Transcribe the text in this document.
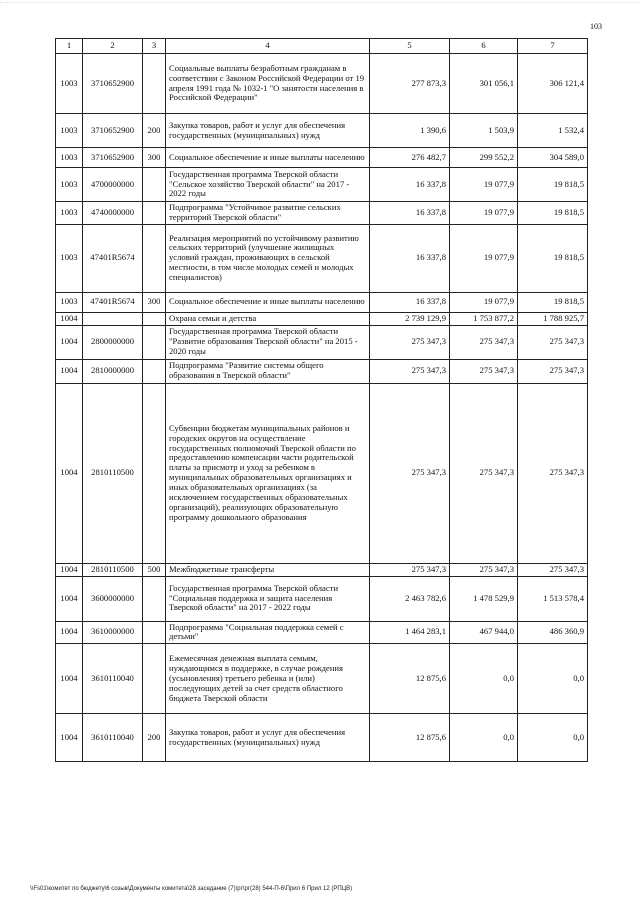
103
1	2	3	4	5	6	7
1003	3710652900		Социальные выплаты безработным гражданам в соответствии с Законом Российской Федерации от 19 апреля 1991 года № 1032-1 "О занятости населения в Российской Федерации"	277 873,3	301 056,1	306 121,4
1003	3710652900	200	Закупка товаров, работ и услуг для обеспечения государственных (муниципальных) нужд	1 390,6	1 503,9	1 532,4
1003	3710652900	300	Социальное обеспечение и иные выплаты населению	276 482,7	299 552,2	304 589,0
1003	4700000000		Государственная программа Тверской области "Сельское хозяйство Тверской области" на 2017 - 2022 годы	16 337,8	19 077,9	19 818,5
1003	4740000000		Подпрограмма "Устойчивое развитие сельских территорий Тверской области"	16 337,8	19 077,9	19 818,5
1003	47401R5674		Реализация мероприятий по устойчивому развитию сельских территорий (улучшение жилищных условий граждан, проживающих в сельской местности, в том числе молодых семей и молодых специалистов)	16 337,8	19 077,9	19 818,5
1003	47401R5674	300	Социальное обеспечение и иные выплаты населению	16 337,8	19 077,9	19 818,5
1004			Охрана семьи и детства	2 739 129,9	1 753 877,2	1 788 925,7
1004	2800000000		Государственная программа Тверской области "Развитие образования Тверской области" на 2015 - 2020 годы	275 347,3	275 347,3	275 347,3
1004	2810000000		Подпрограмма "Развитие системы общего образования в Тверской области"	275 347,3	275 347,3	275 347,3
1004	2810110500		Субвенции бюджетам муниципальных районов и городских округов на осуществление государственных полномочий Тверской области по предоставлению компенсации части родительской платы за присмотр и уход за ребенком в муниципальных образовательных организациях и иных образовательных организациях (за исключением государственных образовательных организаций), реализующих образовательную программу дошкольного образования	275 347,3	275 347,3	275 347,3
1004	2810110500	500	Межбюджетные трансферты	275 347,3	275 347,3	275 347,3
1004	3600000000		Государственная программа Тверской области "Социальная поддержка и защита населения Тверской области" на 2017 - 2022 годы	2 463 782,6	1 478 529,9	1 513 578,4
1004	3610000000		Подпрограмма "Социальная поддержка семей с детьми"	1 464 283,1	467 944,0	486 360,9
1004	3610110040		Ежемесячная денежная выплата семьям, нуждающимся в поддержке, в случае рождения (усыновления) третьего ребенка и (или) последующих детей за счет средств областного бюджета Тверской области	12 875,6	0,0	0,0
1004	3610110040	200	Закупка товаров, работ и услуг для обеспечения государственных (муниципальных) нужд	12 875,6	0,0	0,0
\\Fs01\комитет по бюджету\6 созыв\Документы комитета\28 заседание (7)\рг\рг(28) 544-П-6\Прил 6 Прил 12 (РПЦВ)
